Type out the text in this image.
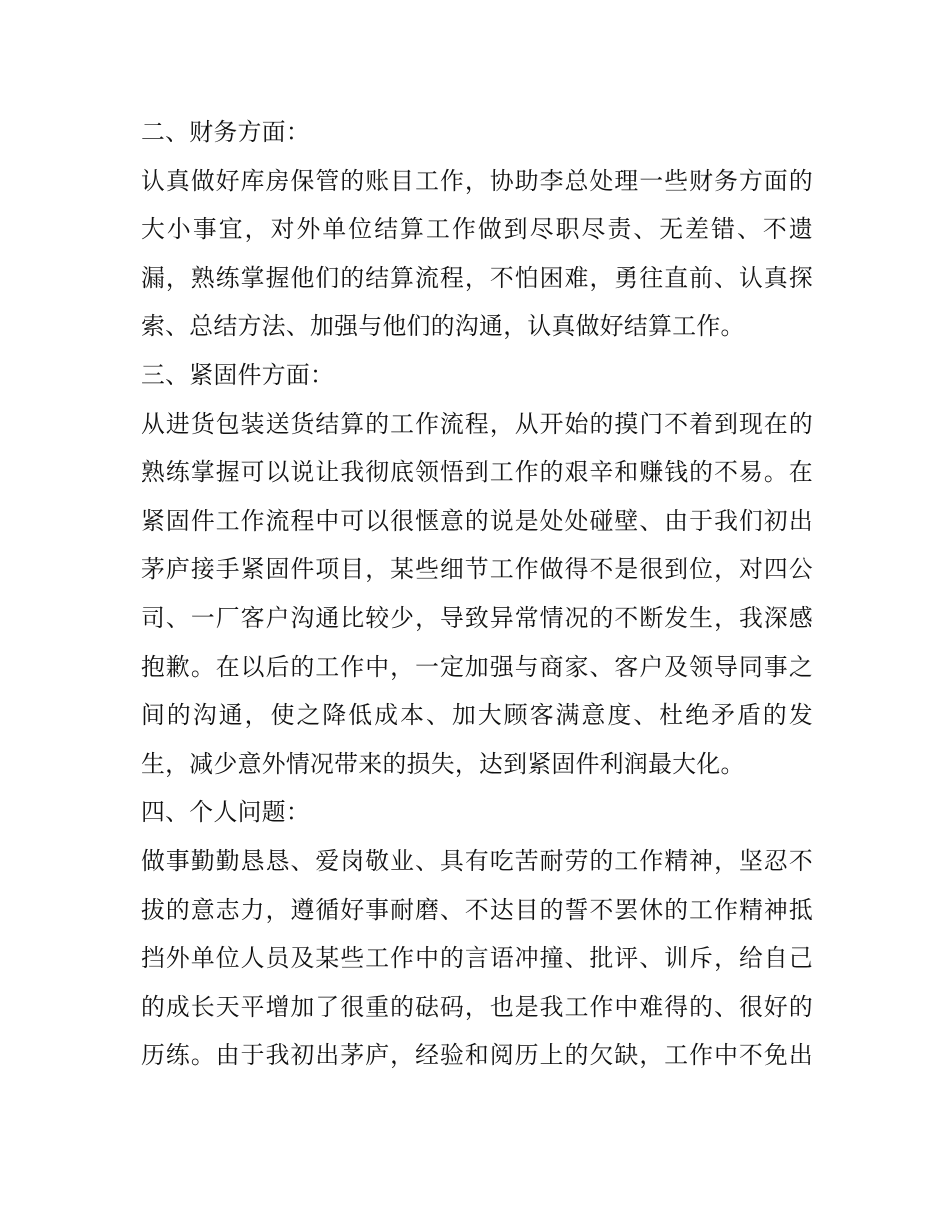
二、财务方面：
认真做好库房保管的账目工作，协助李总处理一些财务方面的
大小事宜，对外单位结算工作做到尽职尽责、无差错、不遗
漏，熟练掌握他们的结算流程，不怕困难，勇往直前、认真探
索、总结方法、加强与他们的沟通，认真做好结算工作。
三、紧固件方面：
从进货包装送货结算的工作流程，从开始的摸门不着到现在的
熟练掌握可以说让我彻底领悟到工作的艰辛和赚钱的不易。在
紧固件工作流程中可以很惬意的说是处处碰壁、由于我们初出
茅庐接手紧固件项目，某些细节工作做得不是很到位，对四公
司、一厂客户沟通比较少，导致异常情况的不断发生，我深感
抱歉。在以后的工作中，一定加强与商家、客户及领导同事之
间的沟通，使之降低成本、加大顾客满意度、杜绝矛盾的发
生，减少意外情况带来的损失，达到紧固件利润最大化。
四、个人问题：
做事勤勤恳恳、爱岗敬业、具有吃苦耐劳的工作精神，坚忍不
拔的意志力，遵循好事耐磨、不达目的誓不罢休的工作精神抵
挡外单位人员及某些工作中的言语冲撞、批评、训斥，给自己
的成长天平增加了很重的砝码，也是我工作中难得的、很好的
历练。由于我初出茅庐，经验和阅历上的欠缺，工作中不免出
